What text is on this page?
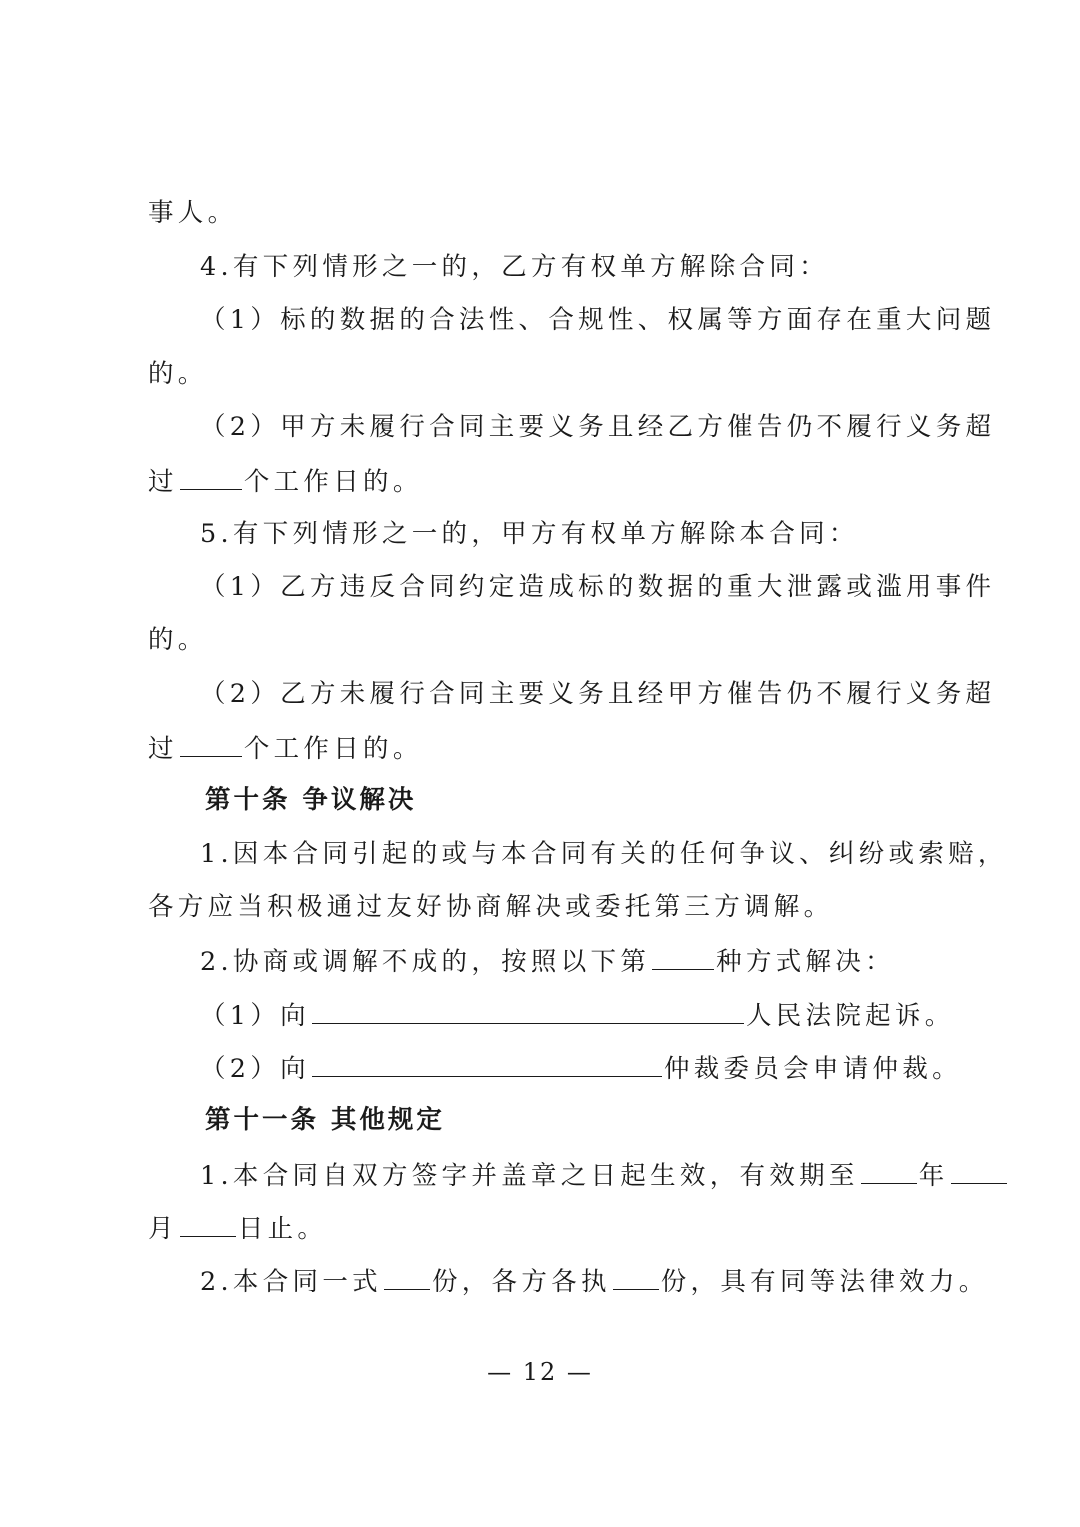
事人。
4.有下列情形之一的，乙方有权单方解除合同：
（1）标的数据的合法性、合规性、权属等方面存在重大问题
的。
（2）甲方未履行合同主要义务且经乙方催告仍不履行义务超
过	个工作日的。
5.有下列情形之一的，甲方有权单方解除本合同：
（1）乙方违反合同约定造成标的数据的重大泄露或滥用事件
的。
（2）乙方未履行合同主要义务且经甲方催告仍不履行义务超
过	个工作日的。
第十条 争议解决
1.因本合同引起的或与本合同有关的任何争议、纠纷或索赔，
各方应当积极通过友好协商解决或委托第三方调解。
2.协商或调解不成的，按照以下第	种方式解决：
（1）向	人民法院起诉。
（2）向	仲裁委员会申请仲裁。
第十一条 其他规定
1.本合同自双方签字并盖章之日起生效，有效期至 年
月 日止。
2.本合同一式 份，各方各执 份，具有同等法律效力。
— 12 —
